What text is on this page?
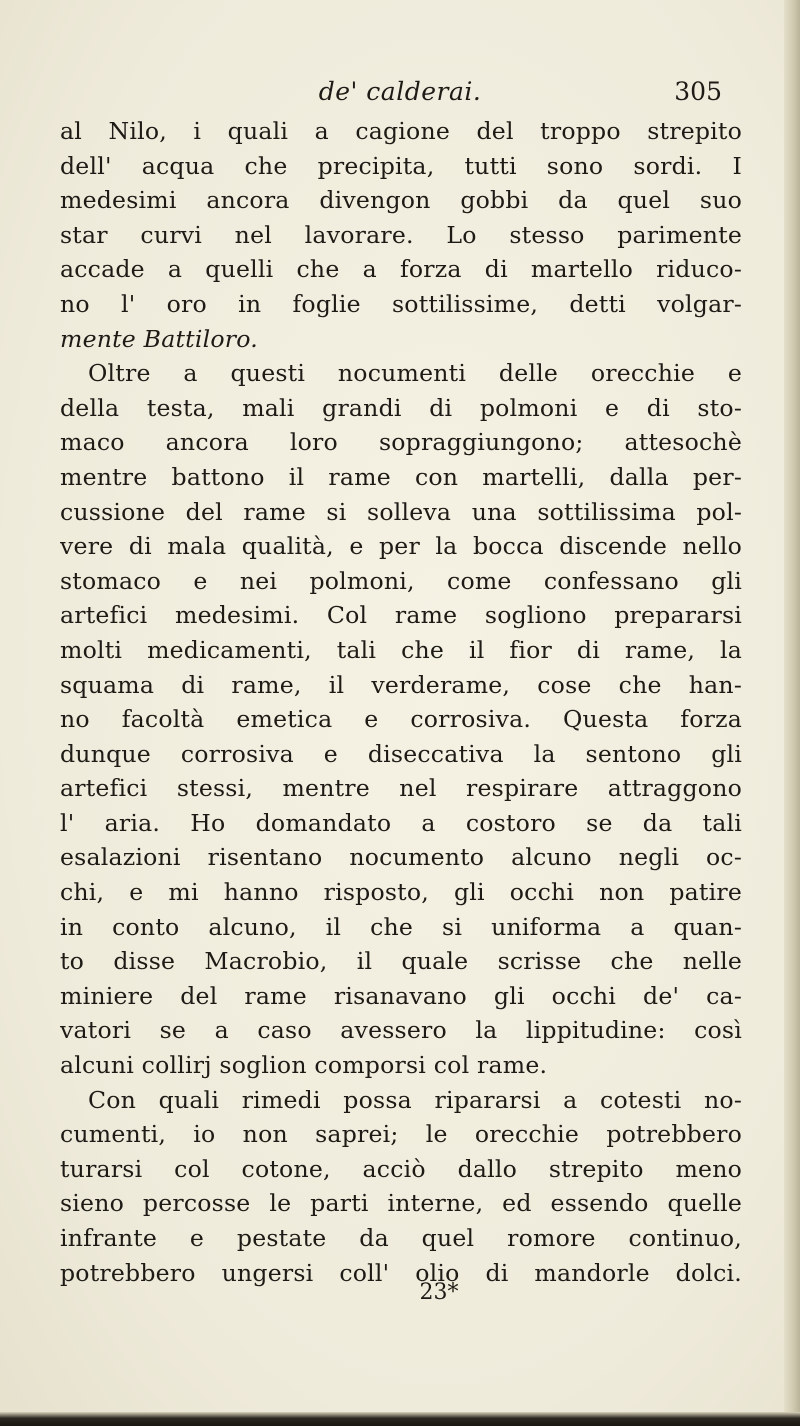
de' calderai.	305
al Nilo, i quali a cagione del troppo strepito
dell' acqua che precipita, tutti sono sordi. I
medesimi ancora divengon gobbi da quel suo
star curvi nel lavorare. Lo stesso parimente
accade a quelli che a forza di martello riduco-
no l' oro in foglie sottilissime, detti volgar-
mente Battiloro.
Oltre a questi nocumenti delle orecchie e
della testa, mali grandi di polmoni e di sto-
maco ancora loro sopraggiungono; attesochè
mentre battono il rame con martelli, dalla per-
cussione del rame si solleva una sottilissima pol-
vere di mala qualità, e per la bocca discende nello
stomaco e nei polmoni, come confessano gli
artefici medesimi. Col rame sogliono prepararsi
molti medicamenti, tali che il fior di rame, la
squama di rame, il verderame, cose che han-
no facoltà emetica e corrosiva. Questa forza
dunque corrosiva e diseccativa la sentono gli
artefici stessi, mentre nel respirare attraggono
l' aria. Ho domandato a costoro se da tali
esalazioni risentano nocumento alcuno negli oc-
chi, e mi hanno risposto, gli occhi non patire
in conto alcuno, il che si uniforma a quan-
to disse Macrobio, il quale scrisse che nelle
miniere del rame risanavano gli occhi de' ca-
vatori se a caso avessero la lippitudine: così
alcuni collirj soglion comporsi col rame.
Con quali rimedi possa ripararsi a cotesti no-
cumenti, io non saprei; le orecchie potrebbero
turarsi col cotone, acciò dallo strepito meno
sieno percosse le parti interne, ed essendo quelle
infrante e pestate da quel romore continuo,
potrebbero ungersi coll' olio di mandorle dolci.
23*
